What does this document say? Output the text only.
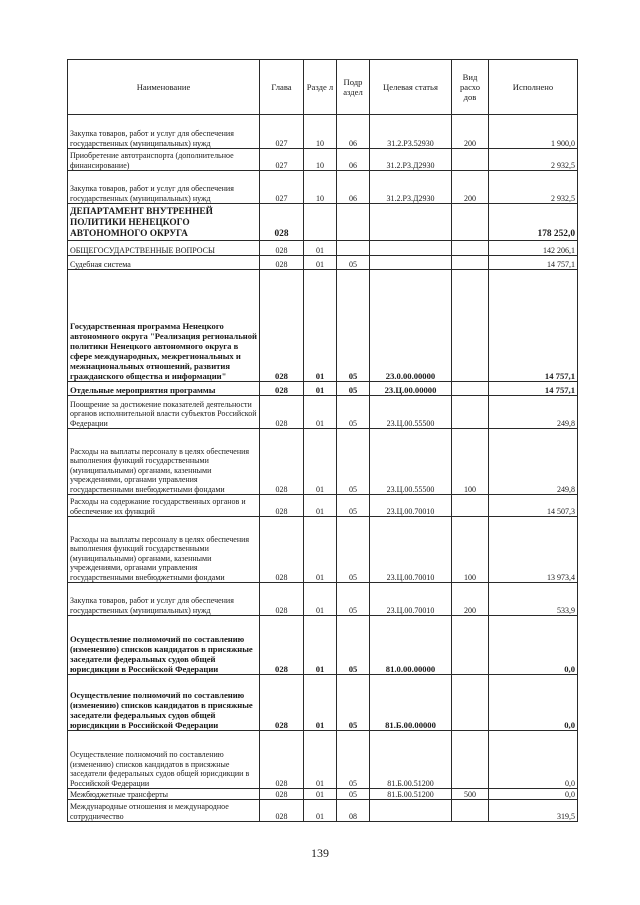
Наименование	Глава	Разде л	Подр аздел	Целевая статья	Вид расхо дов	Исполнено
Закупка товаров, работ и услуг для обеспечения государственных (муниципальных) нужд	027	10	06	31.2.Р3.52930	200	1 900,0
Приобретение автотранспорта (дополнительное финансирование)	027	10	06	31.2.Р3.Д2930		2 932,5
Закупка товаров, работ и услуг для обеспечения государственных (муниципальных) нужд	027	10	06	31.2.Р3.Д2930	200	2 932,5
ДЕПАРТАМЕНТ ВНУТРЕННЕЙ ПОЛИТИКИ НЕНЕЦКОГО АВТОНОМНОГО ОКРУГА	028					178 252,0
ОБЩЕГОСУДАРСТВЕННЫЕ ВОПРОСЫ	028	01				142 206,1
Судебная система	028	01	05			14 757,1
Государственная программа Ненецкого автономного округа "Реализация региональной политики Ненецкого автономного округа в сфере международных, межрегиональных и межнациональных отношений, развития гражданского общества и информации"	028	01	05	23.0.00.00000		14 757,1
Отдельные мероприятия программы	028	01	05	23.Ц.00.00000		14 757,1
Поощрение за достижение показателей деятельности органов исполнительной власти субъектов Российской Федерации	028	01	05	23.Ц.00.55500		249,8
Расходы на выплаты персоналу в целях обеспечения выполнения функций государственными (муниципальными) органами, казенными учреждениями, органами управления государственными внебюджетными фондами	028	01	05	23.Ц.00.55500	100	249,8
Расходы на содержание государственных органов и обеспечение их функций	028	01	05	23.Ц.00.70010		14 507,3
Расходы на выплаты персоналу в целях обеспечения выполнения функций государственными (муниципальными) органами, казенными учреждениями, органами управления государственными внебюджетными фондами	028	01	05	23.Ц.00.70010	100	13 973,4
Закупка товаров, работ и услуг для обеспечения государственных (муниципальных) нужд	028	01	05	23.Ц.00.70010	200	533,9
Осуществление полномочий по составлению (изменению) списков кандидатов в присяжные заседатели федеральных судов общей юрисдикции в Российской Федерации	028	01	05	81.0.00.00000		0,0
Осуществление полномочий по составлению (изменению) списков кандидатов в присяжные заседатели федеральных судов общей юрисдикции в Российской Федерации	028	01	05	81.Б.00.00000		0,0
Осуществление полномочий по составлению (изменению) списков кандидатов в присяжные заседатели федеральных судов общей юрисдикции в Российской Федерации	028	01	05	81.Б.00.51200		0,0
Межбюджетные трансферты	028	01	05	81.Б.00.51200	500	0,0
Международные отношения и международное сотрудничество	028	01	08			319,5
139
